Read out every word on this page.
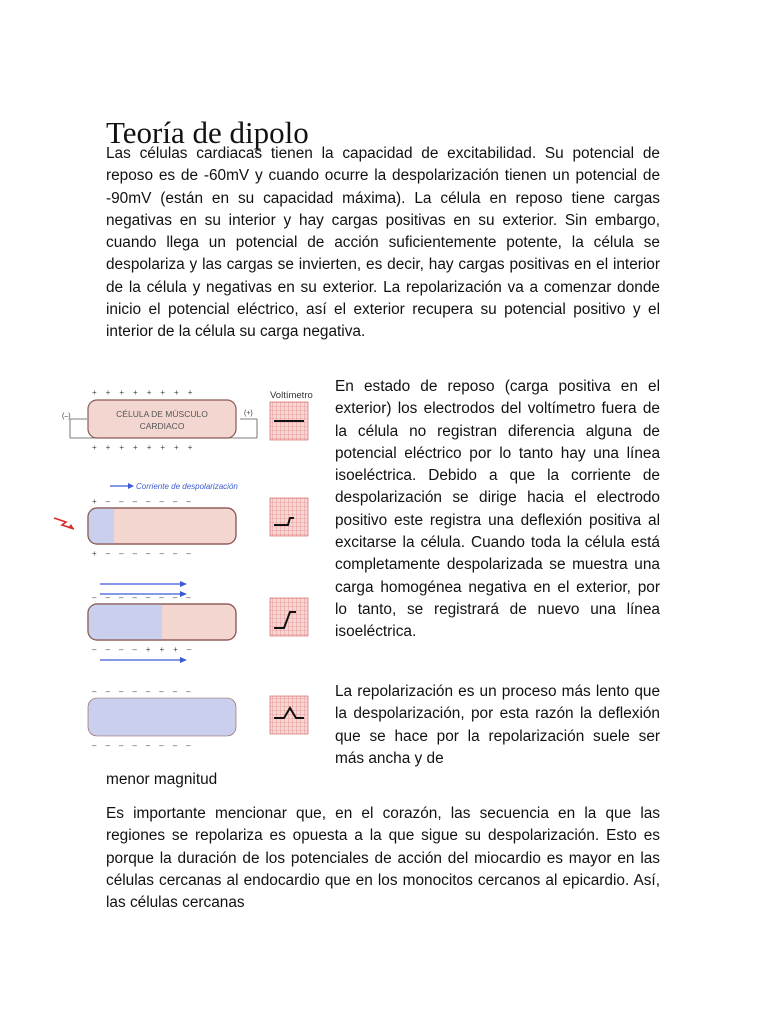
Teoría de dipolo

Las células cardiacas tienen la capacidad de excitabilidad. Su potencial de reposo es de -60mV y cuando ocurre la despolarización tienen un potencial de -90mV (están en su capacidad máxima). La célula en reposo tiene cargas negativas en su interior y hay cargas positivas en su exterior. Sin embargo, cuando llega un potencial de acción suficientemente potente, la célula se despolariza y las cargas se invierten, es decir, hay cargas positivas en el interior de la célula y negativas en su exterior. La repolarización va a comenzar donde inicio el potencial eléctrico, así el exterior recupera su potencial positivo y el interior de la célula su carga negativa.

Voltímetro
(–)	(+)
CÉLULA DE MÚSCULO
CARDIACO
++++++++
++++++++
Corriente de despolarización
+–––––––
+–––––––
––––––––
––––+++–
––––––––
––––––––

En estado de reposo (carga positiva en el exterior) los electrodos del voltímetro fuera de la célula no registran diferencia alguna de potencial eléctrico por lo tanto hay una línea isoeléctrica. Debido a que la corriente de despolarización se dirige hacia el electrodo positivo este registra una deflexión positiva al excitarse la célula. Cuando toda la célula está completamente despolarizada se muestra una carga homogénea negativa en el exterior, por lo tanto, se registrará de nuevo una línea isoeléctrica.

La repolarización es un proceso más lento que la despolarización, por esta razón la deflexión que se hace por la repolarización suele ser más ancha y de

menor magnitud

Es importante mencionar que, en el corazón, las secuencia en la que las regiones se repolariza es opuesta a la que sigue su despolarización. Esto es porque la duración de los potenciales de acción del miocardio es mayor en las células cercanas al endocardio que en los monocitos cercanos al epicardio. Así, las células cercanas
